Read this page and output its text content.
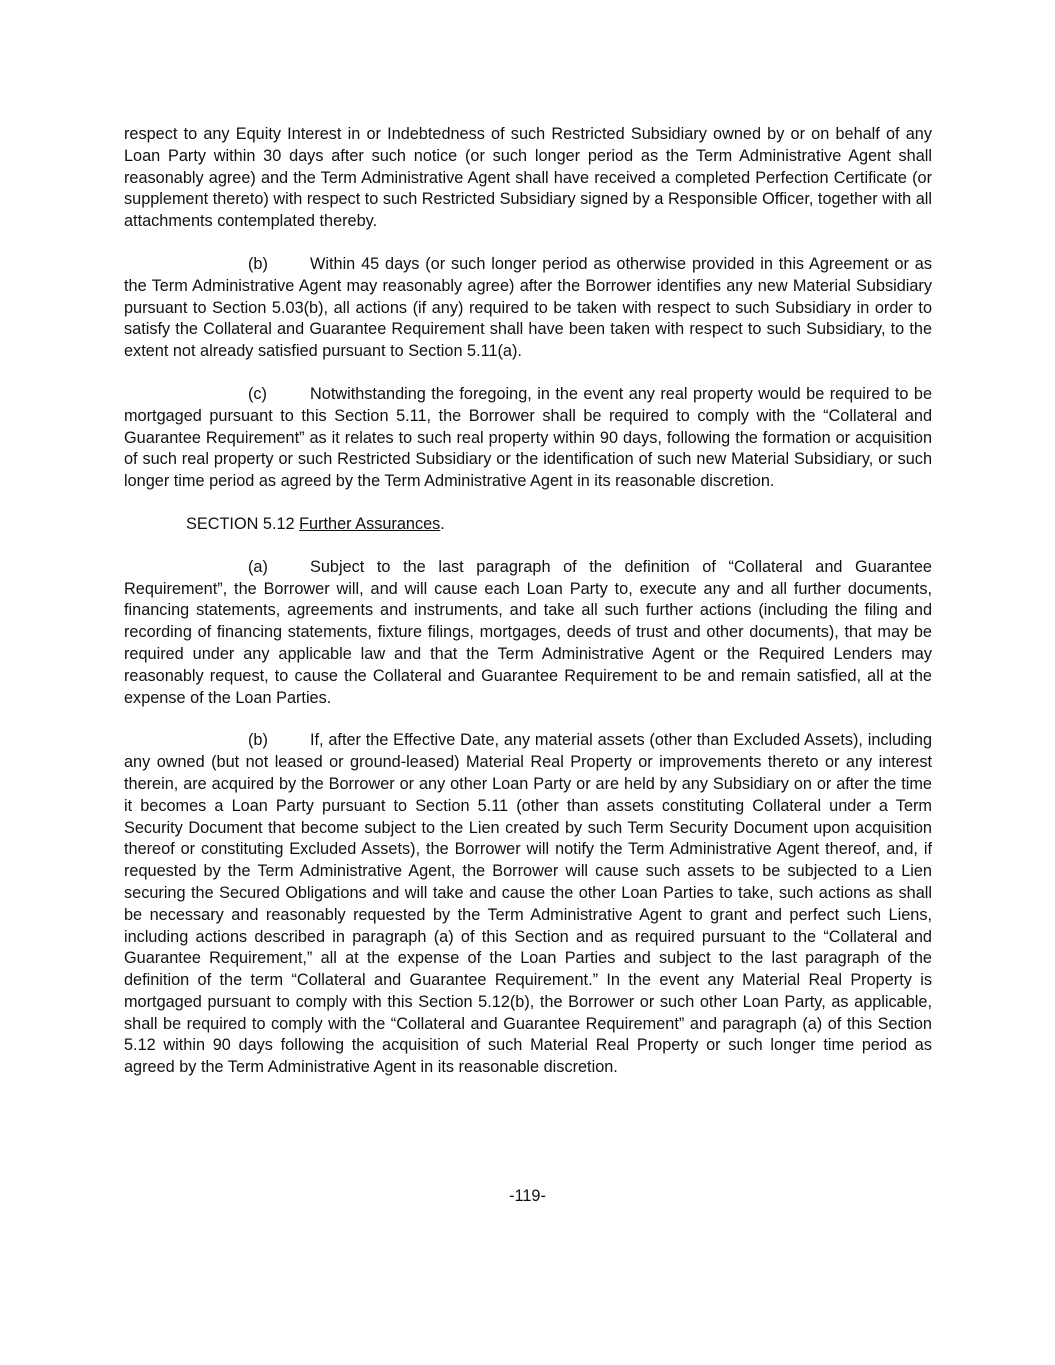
respect to any Equity Interest in or Indebtedness of such Restricted Subsidiary owned by or on behalf of any Loan Party within 30 days after such notice (or such longer period as the Term Administrative Agent shall reasonably agree) and the Term Administrative Agent shall have received a completed Perfection Certificate (or supplement thereto) with respect to such Restricted Subsidiary signed by a Responsible Officer, together with all attachments contemplated thereby.

(b)	Within 45 days (or such longer period as otherwise provided in this Agreement or as the Term Administrative Agent may reasonably agree) after the Borrower identifies any new Material Subsidiary pursuant to Section 5.03(b), all actions (if any) required to be taken with respect to such Subsidiary in order to satisfy the Collateral and Guarantee Requirement shall have been taken with respect to such Subsidiary, to the extent not already satisfied pursuant to Section 5.11(a).

(c)	Notwithstanding the foregoing, in the event any real property would be required to be mortgaged pursuant to this Section 5.11, the Borrower shall be required to comply with the “Collateral and Guarantee Requirement” as it relates to such real property within 90 days, following the formation or acquisition of such real property or such Restricted Subsidiary or the identification of such new Material Subsidiary, or such longer time period as agreed by the Term Administrative Agent in its reasonable discretion.

SECTION 5.12 Further Assurances.

(a)	Subject to the last paragraph of the definition of “Collateral and Guarantee Requirement”, the Borrower will, and will cause each Loan Party to, execute any and all further documents, financing statements, agreements and instruments, and take all such further actions (including the filing and recording of financing statements, fixture filings, mortgages, deeds of trust and other documents), that may be required under any applicable law and that the Term Administrative Agent or the Required Lenders may reasonably request, to cause the Collateral and Guarantee Requirement to be and remain satisfied, all at the expense of the Loan Parties.

(b)	If, after the Effective Date, any material assets (other than Excluded Assets), including any owned (but not leased or ground-leased) Material Real Property or improvements thereto or any interest therein, are acquired by the Borrower or any other Loan Party or are held by any Subsidiary on or after the time it becomes a Loan Party pursuant to Section 5.11 (other than assets constituting Collateral under a Term Security Document that become subject to the Lien created by such Term Security Document upon acquisition thereof or constituting Excluded Assets), the Borrower will notify the Term Administrative Agent thereof, and, if requested by the Term Administrative Agent, the Borrower will cause such assets to be subjected to a Lien securing the Secured Obligations and will take and cause the other Loan Parties to take, such actions as shall be necessary and reasonably requested by the Term Administrative Agent to grant and perfect such Liens, including actions described in paragraph (a) of this Section and as required pursuant to the “Collateral and Guarantee Requirement,” all at the expense of the Loan Parties and subject to the last paragraph of the definition of the term “Collateral and Guarantee Requirement.” In the event any Material Real Property is mortgaged pursuant to comply with this Section 5.12(b), the Borrower or such other Loan Party, as applicable, shall be required to comply with the “Collateral and Guarantee Requirement” and paragraph (a) of this Section 5.12 within 90 days following the acquisition of such Material Real Property or such longer time period as agreed by the Term Administrative Agent in its reasonable discretion.

-119-
